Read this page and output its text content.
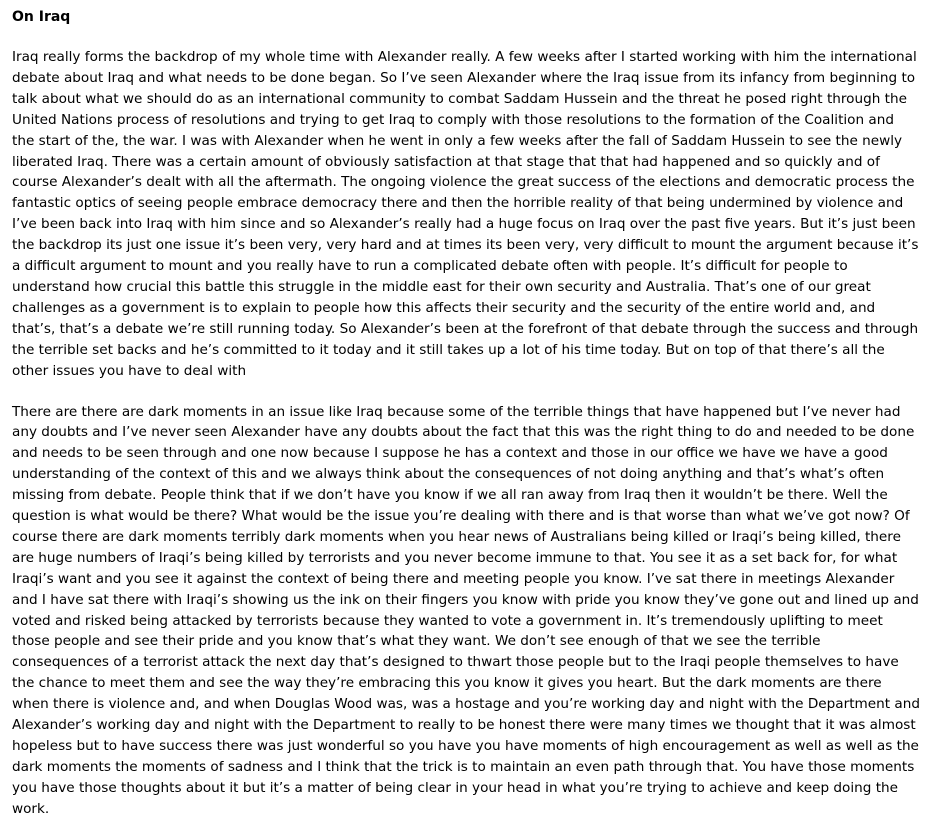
On Iraq

Iraq really forms the backdrop of my whole time with Alexander really. A few weeks after I started working with him the international debate about Iraq and what needs to be done began. So I’ve seen Alexander where the Iraq issue from its infancy from beginning to talk about what we should do as an international community to combat Saddam Hussein and the threat he posed right through the United Nations process of resolutions and trying to get Iraq to comply with those resolutions to the formation of the Coalition and the start of the, the war. I was with Alexander when he went in only a few weeks after the fall of Saddam Hussein to see the newly liberated Iraq. There was a certain amount of obviously satisfaction at that stage that that had happened and so quickly and of course Alexander’s dealt with all the aftermath. The ongoing violence the great success of the elections and democratic process the fantastic optics of seeing people embrace democracy there and then the horrible reality of that being undermined by violence and I’ve been back into Iraq with him since and so Alexander’s really had a huge focus on Iraq over the past five years. But it’s just been the backdrop its just one issue it’s been very, very hard and at times its been very, very difficult to mount the argument because it’s a difficult argument to mount and you really have to run a complicated debate often with people. It’s difficult for people to understand how crucial this battle this struggle in the middle east for their own security and Australia. That’s one of our great challenges as a government is to explain to people how this affects their security and the security of the entire world and, and that’s, that’s a debate we’re still running today. So Alexander’s been at the forefront of that debate through the success and through the terrible set backs and he’s committed to it today and it still takes up a lot of his time today. But on top of that there’s all the other issues you have to deal with

There are there are dark moments in an issue like Iraq because some of the terrible things that have happened but I’ve never had any doubts and I’ve never seen Alexander have any doubts about the fact that this was the right thing to do and needed to be done and needs to be seen through and one now because I suppose he has a context and those in our office we have we have a good understanding of the context of this and we always think about the consequences of not doing anything and that’s what’s often missing from debate. People think that if we don’t have you know if we all ran away from Iraq then it wouldn’t be there. Well the question is what would be there? What would be the issue you’re dealing with there and is that worse than what we’ve got now? Of course there are dark moments terribly dark moments when you hear news of Australians being killed or Iraqi’s being killed, there are huge numbers of Iraqi’s being killed by terrorists and you never become immune to that. You see it as a set back for, for what Iraqi’s want and you see it against the context of being there and meeting people you know. I’ve sat there in meetings Alexander and I have sat there with Iraqi’s showing us the ink on their fingers you know with pride you know they’ve gone out and lined up and voted and risked being attacked by terrorists because they wanted to vote a government in. It’s tremendously uplifting to meet those people and see their pride and you know that’s what they want. We don’t see enough of that we see the terrible consequences of a terrorist attack the next day that’s designed to thwart those people but to the Iraqi people themselves to have the chance to meet them and see the way they’re embracing this you know it gives you heart. But the dark moments are there when there is violence and, and when Douglas Wood was, was a hostage and you’re working day and night with the Department and Alexander’s working day and night with the Department to really to be honest there were many times we thought that it was almost hopeless but to have success there was just wonderful so you have you have moments of high encouragement as well as well as the dark moments the moments of sadness and I think that the trick is to maintain an even path through that. You have those moments you have those thoughts about it but it’s a matter of being clear in your head in what you’re trying to achieve and keep doing the work.
